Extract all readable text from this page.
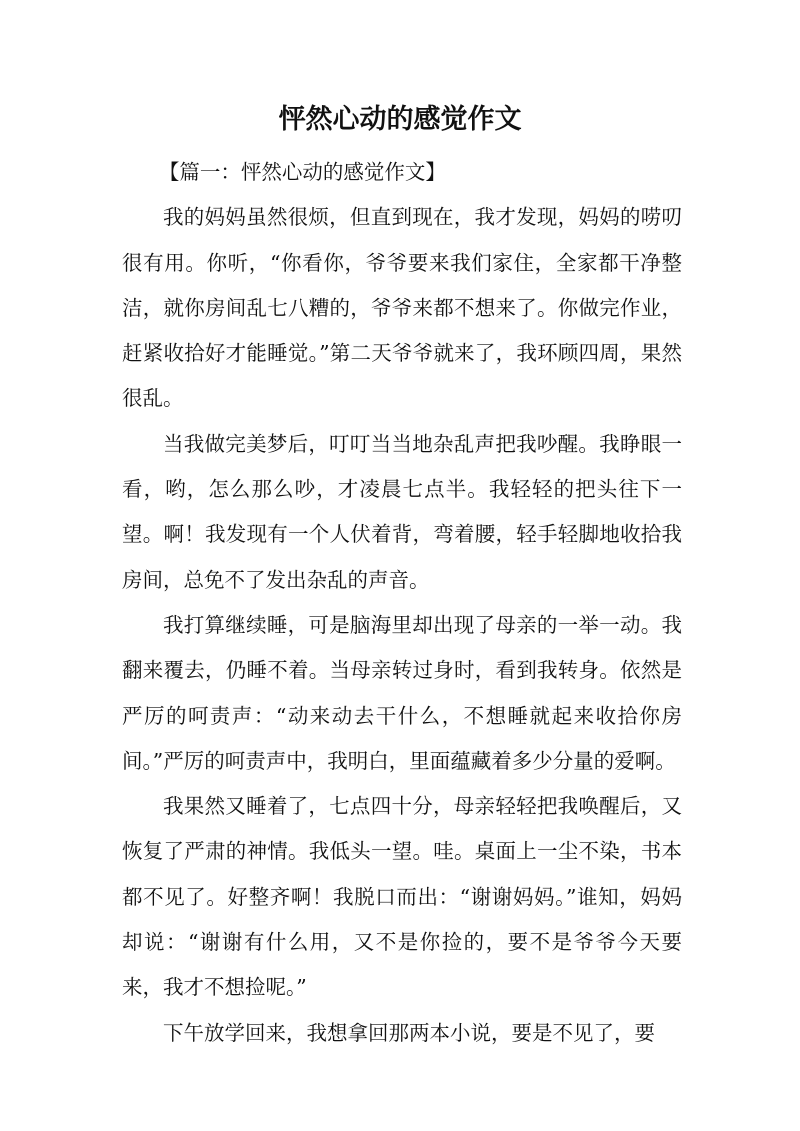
怦然心动的感觉作文

【篇一：怦然心动的感觉作文】

我的妈妈虽然很烦，但直到现在，我才发现，妈妈的唠叨很有用。你听，“你看你，爷爷要来我们家住，全家都干净整洁，就你房间乱七八糟的，爷爷来都不想来了。你做完作业，赶紧收拾好才能睡觉。”第二天爷爷就来了，我环顾四周，果然很乱。

当我做完美梦后，叮叮当当地杂乱声把我吵醒。我睁眼一看，哟，怎么那么吵，才凌晨七点半。我轻轻的把头往下一望。啊！我发现有一个人伏着背，弯着腰，轻手轻脚地收拾我房间，总免不了发出杂乱的声音。

我打算继续睡，可是脑海里却出现了母亲的一举一动。我翻来覆去，仍睡不着。当母亲转过身时，看到我转身。依然是严厉的呵责声：“动来动去干什么，不想睡就起来收拾你房间。”严厉的呵责声中，我明白，里面蕴藏着多少分量的爱啊。

我果然又睡着了，七点四十分，母亲轻轻把我唤醒后，又恢复了严肃的神情。我低头一望。哇。桌面上一尘不染，书本都不见了。好整齐啊！我脱口而出：“谢谢妈妈。”谁知，妈妈却说：“谢谢有什么用，又不是你捡的，要不是爷爷今天要来，我才不想捡呢。”

下午放学回来，我想拿回那两本小说，要是不见了，要
